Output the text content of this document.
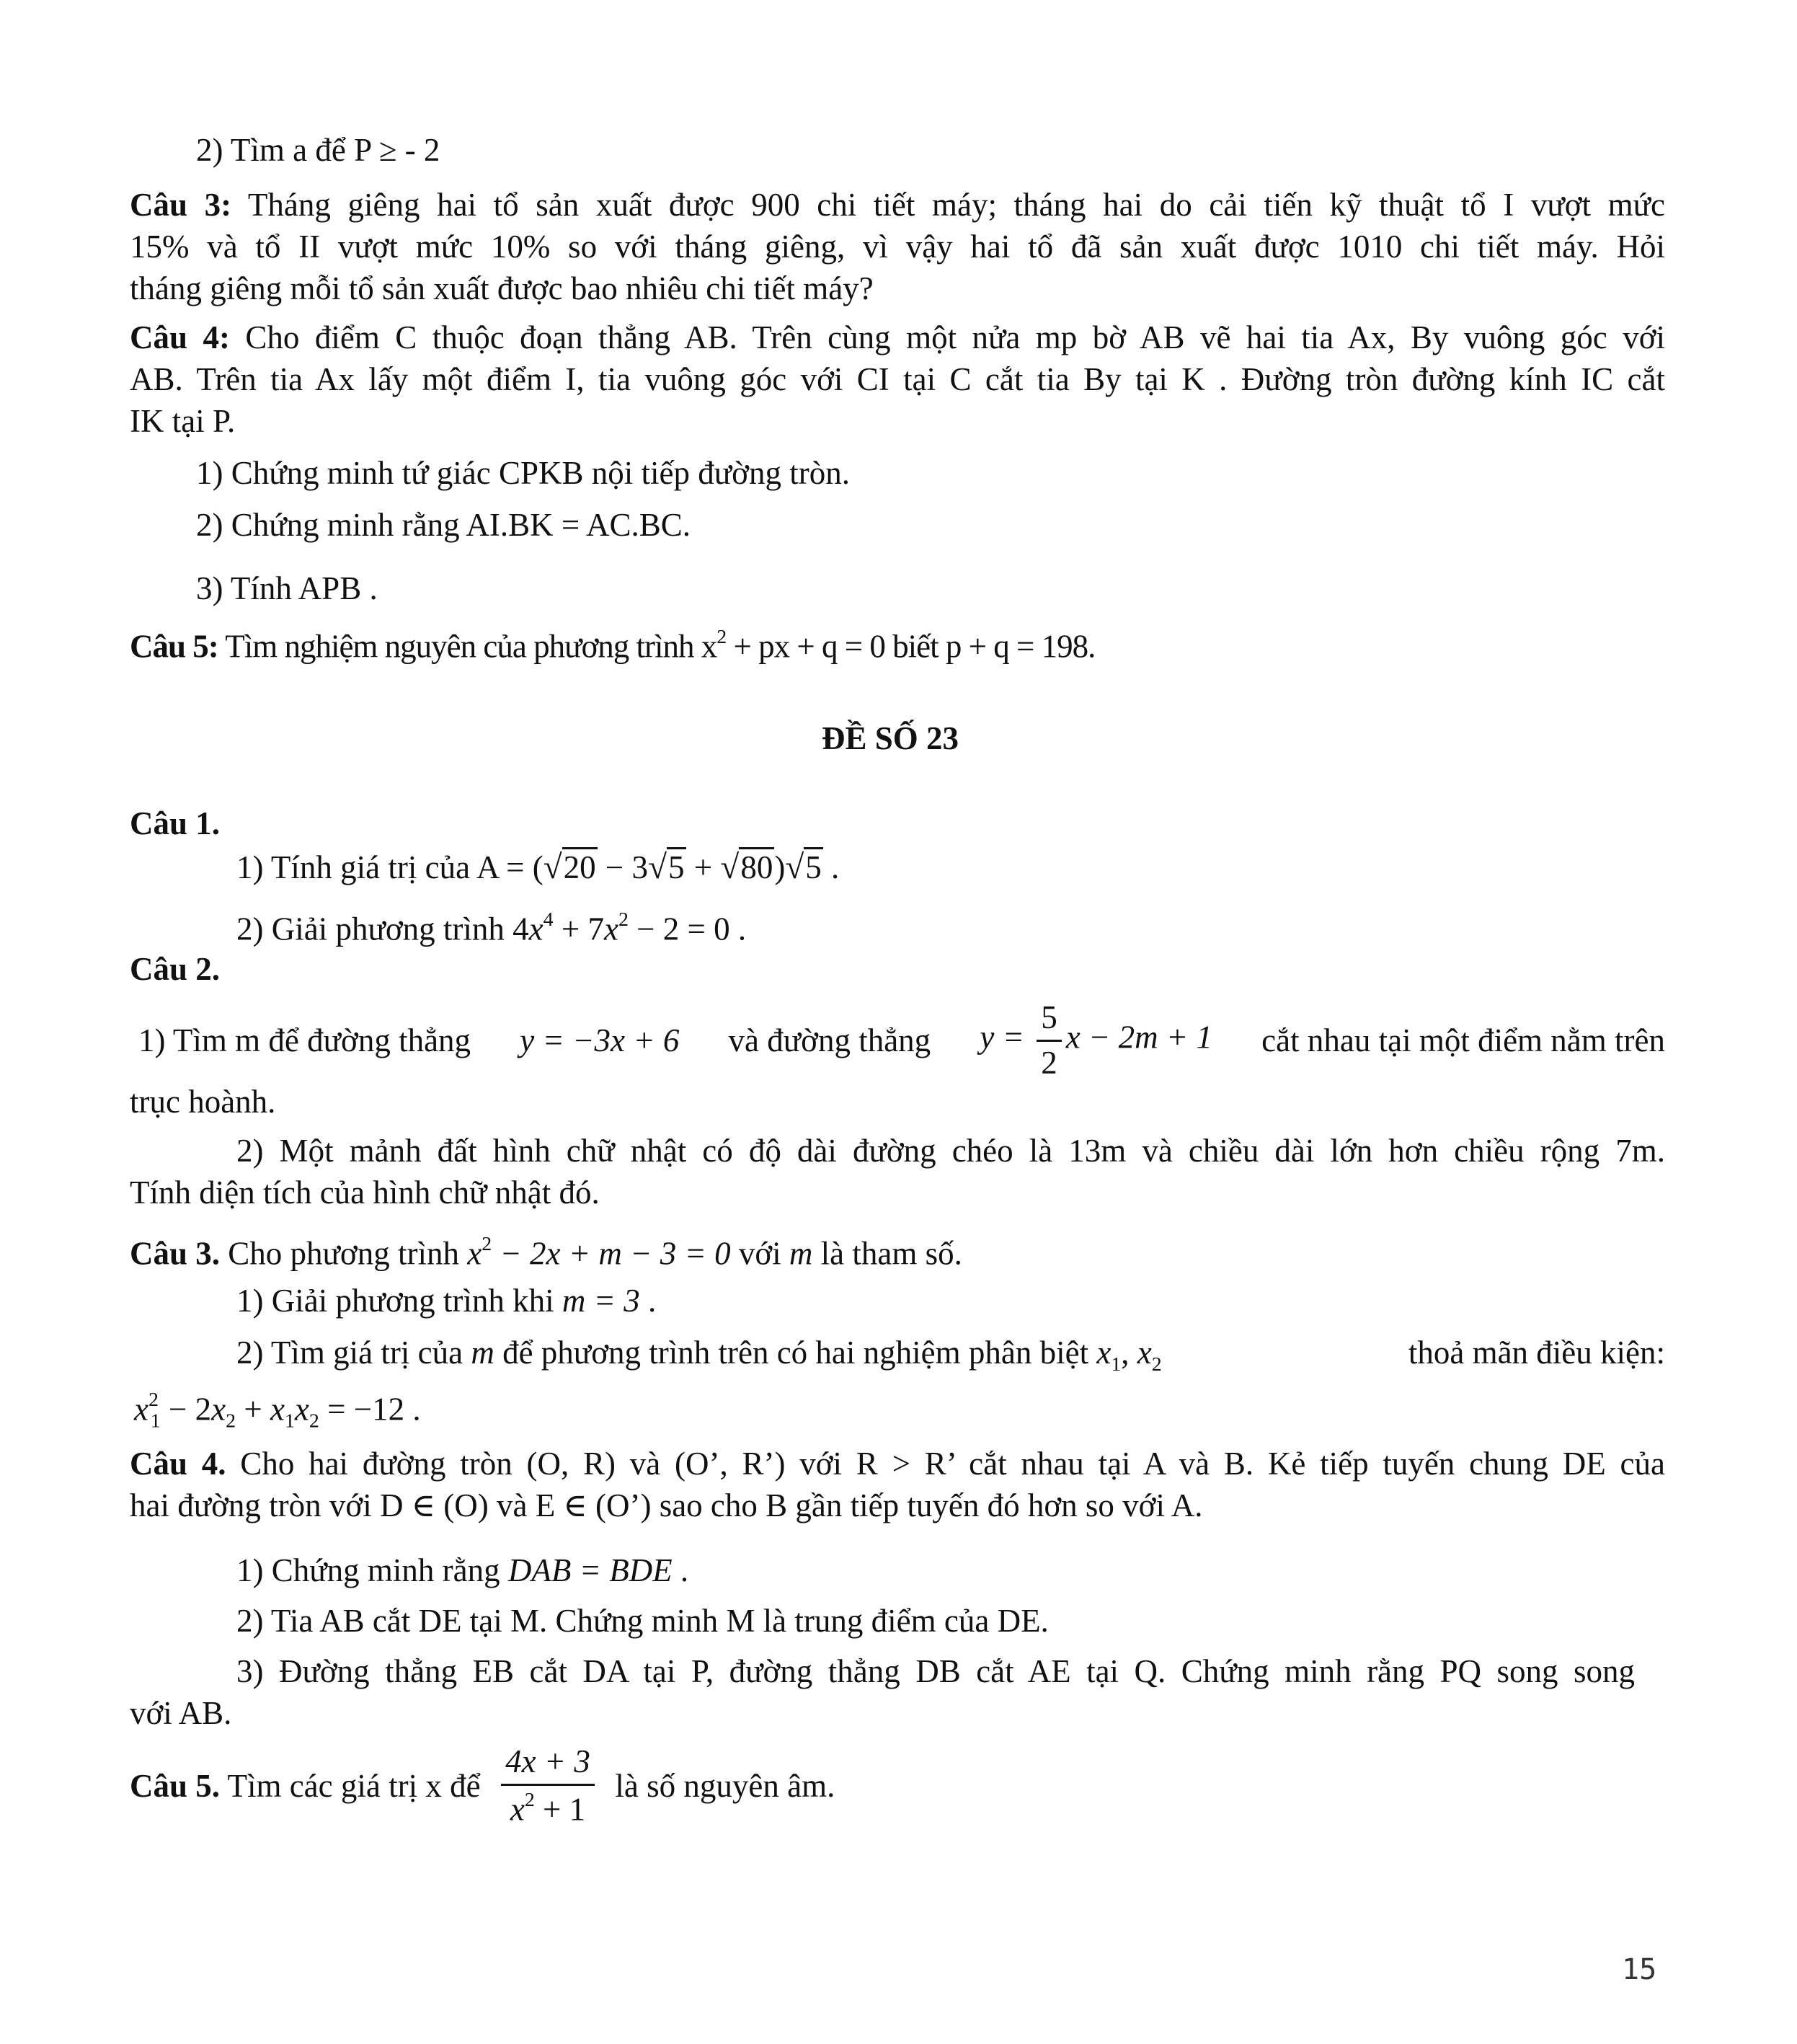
2) Tìm a để P ≥ - 2
Câu 3: Tháng giêng hai tổ sản xuất được 900 chi tiết máy; tháng hai do cải tiến kỹ thuật tổ I vượt mức
15% và tổ II vượt mức 10% so với tháng giêng, vì vậy hai tổ đã sản xuất được 1010 chi tiết máy. Hỏi
tháng giêng mỗi tổ sản xuất được bao nhiêu chi tiết máy?
Câu 4: Cho điểm C thuộc đoạn thẳng AB. Trên cùng một nửa mp bờ AB vẽ hai tia Ax, By vuông góc với
AB. Trên tia Ax lấy một điểm I, tia vuông góc với CI tại C cắt tia By tại K . Đường tròn đường kính IC cắt
IK tại P.
1) Chứng minh tứ giác CPKB nội tiếp đường tròn.
2) Chứng minh rằng AI.BK = AC.BC.
3) Tính APB .
Câu 5: Tìm nghiệm nguyên của phương trình $x^2$ + px + q = 0 biết p + q = 198.
ĐỀ SỐ 23
Câu 1.
1) Tính giá trị của A = (√20 − 3√5 + √80)√5 .
2) Giải phương trình $4x^4 + 7x^2 - 2 = 0$ .
Câu 2.
1) Tìm m để đường thẳng y = −3x + 6 và đường thẳng $y = \frac{5}{2}$ x − 2m + 1 cắt nhau tại một điểm nằm trên
trục hoành.
2) Một mảnh đất hình chữ nhật có độ dài đường chéo là 13m và chiều dài lớn hơn chiều rộng 7m.
Tính diện tích của hình chữ nhật đó.
Câu 3. Cho phương trình $x^2 - 2x + m - 3 = 0$ với m là tham số.
1) Giải phương trình khi m = 3 .
2) Tìm giá trị của m để phương trình trên có hai nghiệm phân biệt $x_1$, $x_2$	thoả mãn điều kiện:
$x^2_1 - 2x_2 + x_1x_2 = -12$ .
Câu 4. Cho hai đường tròn (O, R) và (O’, R’) với R > R’ cắt nhau tại A và B. Kẻ tiếp tuyến chung DE của
hai đường tròn với D ∈ (O) và E ∈ (O’) sao cho B gần tiếp tuyến đó hơn so với A.
1) Chứng minh rằng DAB = BDE .
2) Tia AB cắt DE tại M. Chứng minh M là trung điểm của DE.
3) Đường thẳng EB cắt DA tại P, đường thẳng DB cắt AE tại Q. Chứng minh rằng PQ song song
với AB.
Câu 5. Tìm các giá trị x để $\frac{4x + 3}{x^2 + 1}$ là số nguyên âm.
15
